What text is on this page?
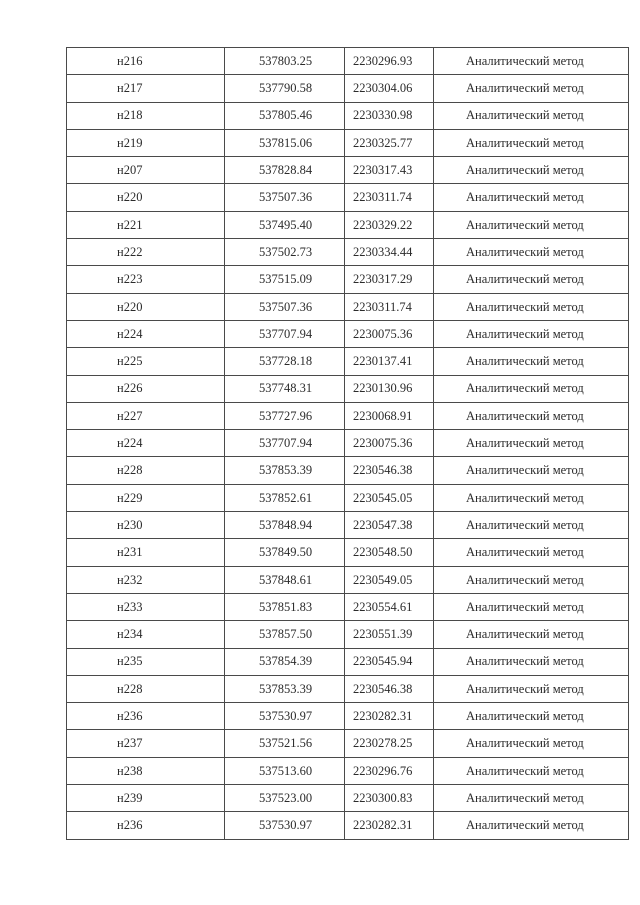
н216	537803.25	2230296.93	Аналитический метод
н217	537790.58	2230304.06	Аналитический метод
н218	537805.46	2230330.98	Аналитический метод
н219	537815.06	2230325.77	Аналитический метод
н207	537828.84	2230317.43	Аналитический метод
н220	537507.36	2230311.74	Аналитический метод
н221	537495.40	2230329.22	Аналитический метод
н222	537502.73	2230334.44	Аналитический метод
н223	537515.09	2230317.29	Аналитический метод
н220	537507.36	2230311.74	Аналитический метод
н224	537707.94	2230075.36	Аналитический метод
н225	537728.18	2230137.41	Аналитический метод
н226	537748.31	2230130.96	Аналитический метод
н227	537727.96	2230068.91	Аналитический метод
н224	537707.94	2230075.36	Аналитический метод
н228	537853.39	2230546.38	Аналитический метод
н229	537852.61	2230545.05	Аналитический метод
н230	537848.94	2230547.38	Аналитический метод
н231	537849.50	2230548.50	Аналитический метод
н232	537848.61	2230549.05	Аналитический метод
н233	537851.83	2230554.61	Аналитический метод
н234	537857.50	2230551.39	Аналитический метод
н235	537854.39	2230545.94	Аналитический метод
н228	537853.39	2230546.38	Аналитический метод
н236	537530.97	2230282.31	Аналитический метод
н237	537521.56	2230278.25	Аналитический метод
н238	537513.60	2230296.76	Аналитический метод
н239	537523.00	2230300.83	Аналитический метод
н236	537530.97	2230282.31	Аналитический метод
